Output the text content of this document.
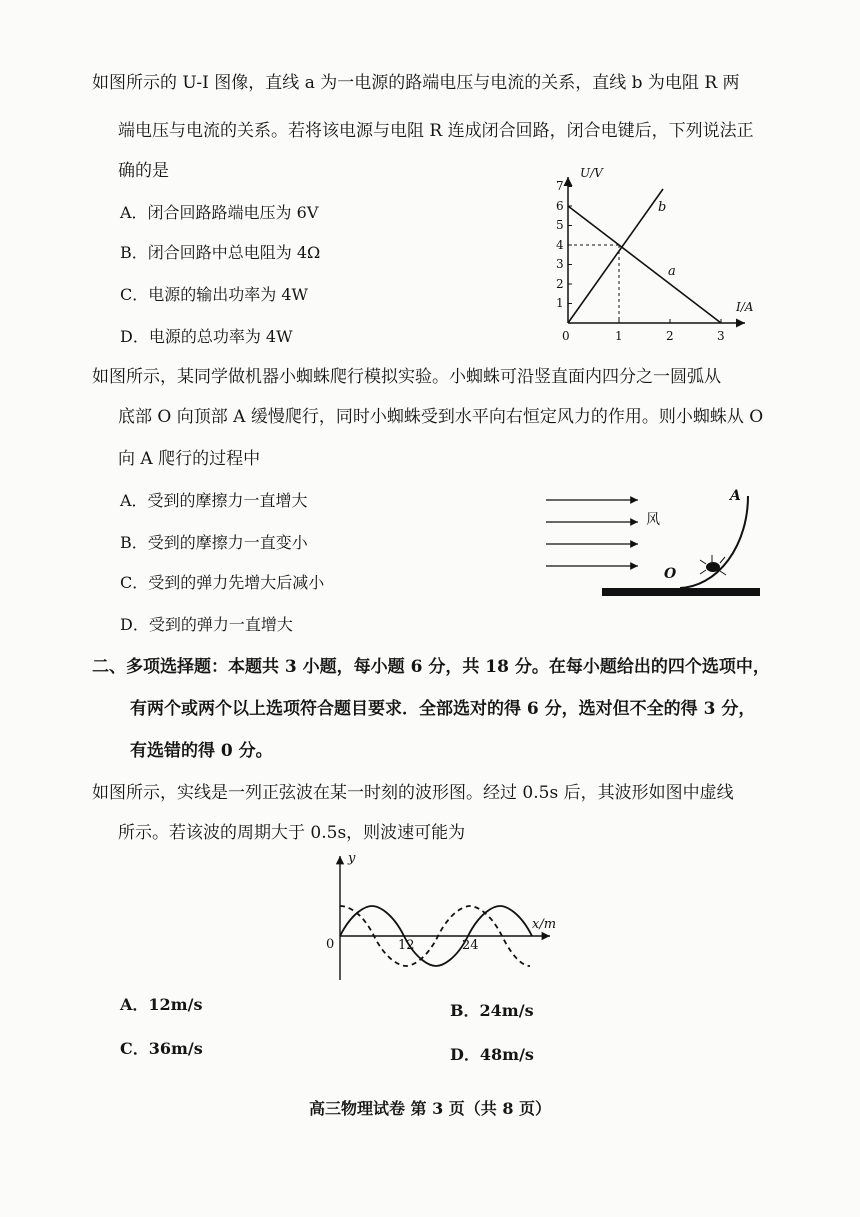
如图所示的 U-I 图像，直线 a 为一电源的路端电压与电流的关系，直线 b 为电阻 R 两
端电压与电流的关系。若将该电源与电阻 R 连成闭合回路，闭合电键后，下列说法正
确的是
A．闭合回路路端电压为 6V
B．闭合回路中总电阻为 4Ω
C．电源的输出功率为 4W
D．电源的总功率为 4W
1
2
3
4
5
6
7
0	1	2	3
U/V
I/A
a
b
如图所示，某同学做机器小蜘蛛爬行模拟实验。小蜘蛛可沿竖直面内四分之一圆弧从
底部 O 向顶部 A 缓慢爬行，同时小蜘蛛受到水平向右恒定风力的作用。则小蜘蛛从 O
向 A 爬行的过程中
A．受到的摩擦力一直增大
B．受到的摩擦力一直变小
C．受到的弹力先增大后减小
D．受到的弹力一直增大
风
A
O
二、多项选择题：本题共 3 小题，每小题 6 分，共 18 分。在每小题给出的四个选项中，
有两个或两个以上选项符合题目要求．全部选对的得 6 分，选对但不全的得 3 分，
有选错的得 0 分。
如图所示，实线是一列正弦波在某一时刻的波形图。经过 0.5s 后，其波形如图中虚线
所示。若该波的周期大于 0.5s，则波速可能为
y
x/m
0	12	24
A．12m/s	B．24m/s
C．36m/s	D．48m/s
高三物理试卷 第 3 页（共 8 页）
